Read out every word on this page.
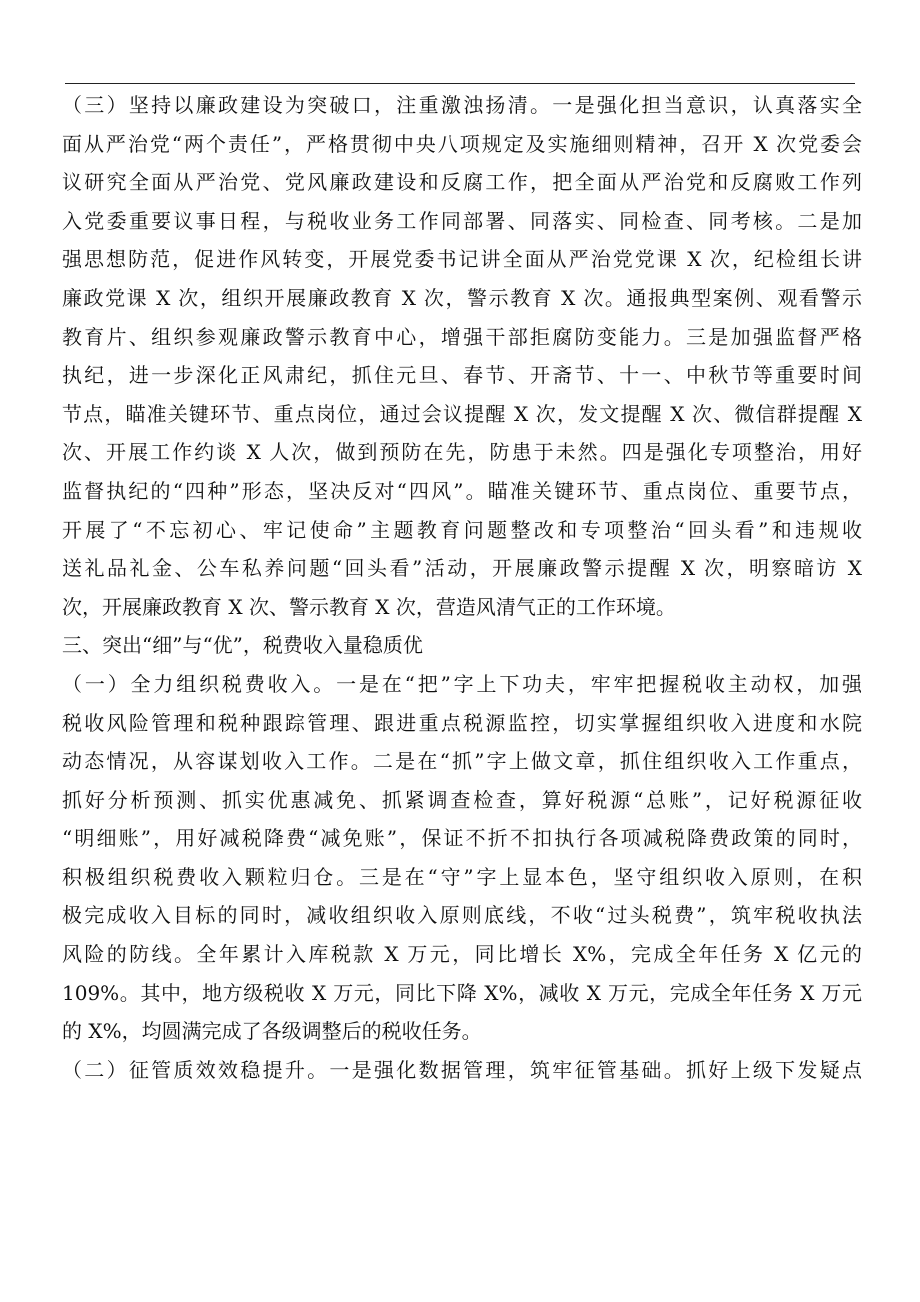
（三）坚持以廉政建设为突破口，注重激浊扬清。一是强化担当意识，认真落实全
面从严治党“两个责任”，严格贯彻中央八项规定及实施细则精神，召开 X 次党委会
议研究全面从严治党、党风廉政建设和反腐工作，把全面从严治党和反腐败工作列
入党委重要议事日程，与税收业务工作同部署、同落实、同检查、同考核。二是加
强思想防范，促进作风转变，开展党委书记讲全面从严治党党课 X 次，纪检组长讲
廉政党课 X 次，组织开展廉政教育 X 次，警示教育 X 次。通报典型案例、观看警示
教育片、组织参观廉政警示教育中心，增强干部拒腐防变能力。三是加强监督严格
执纪，进一步深化正风肃纪，抓住元旦、春节、开斋节、十一、中秋节等重要时间
节点，瞄准关键环节、重点岗位，通过会议提醒 X 次，发文提醒 X 次、微信群提醒 X
次、开展工作约谈 X 人次，做到预防在先，防患于未然。四是强化专项整治，用好
监督执纪的“四种”形态，坚决反对“四风”。瞄准关键环节、重点岗位、重要节点，
开展了“不忘初心、牢记使命”主题教育问题整改和专项整治“回头看”和违规收
送礼品礼金、公车私养问题“回头看”活动，开展廉政警示提醒 X 次，明察暗访 X
次，开展廉政教育 X 次、警示教育 X 次，营造风清气正的工作环境。
三、突出“细”与“优”，税费收入量稳质优
（一）全力组织税费收入。一是在“把”字上下功夫，牢牢把握税收主动权，加强
税收风险管理和税种跟踪管理、跟进重点税源监控，切实掌握组织收入进度和水院
动态情况，从容谋划收入工作。二是在“抓”字上做文章，抓住组织收入工作重点，
抓好分析预测、抓实优惠减免、抓紧调查检查，算好税源“总账”，记好税源征收
“明细账”，用好减税降费“减免账”，保证不折不扣执行各项减税降费政策的同时，
积极组织税费收入颗粒归仓。三是在“守”字上显本色，坚守组织收入原则，在积
极完成收入目标的同时，减收组织收入原则底线，不收“过头税费”，筑牢税收执法
风险的防线。全年累计入库税款 X 万元，同比增长 X%，完成全年任务 X 亿元的
109%。其中，地方级税收 X 万元，同比下降 X%，减收 X 万元，完成全年任务 X 万元
的 X%，均圆满完成了各级调整后的税收任务。
（二）征管质效效稳提升。一是强化数据管理，筑牢征管基础。抓好上级下发疑点
